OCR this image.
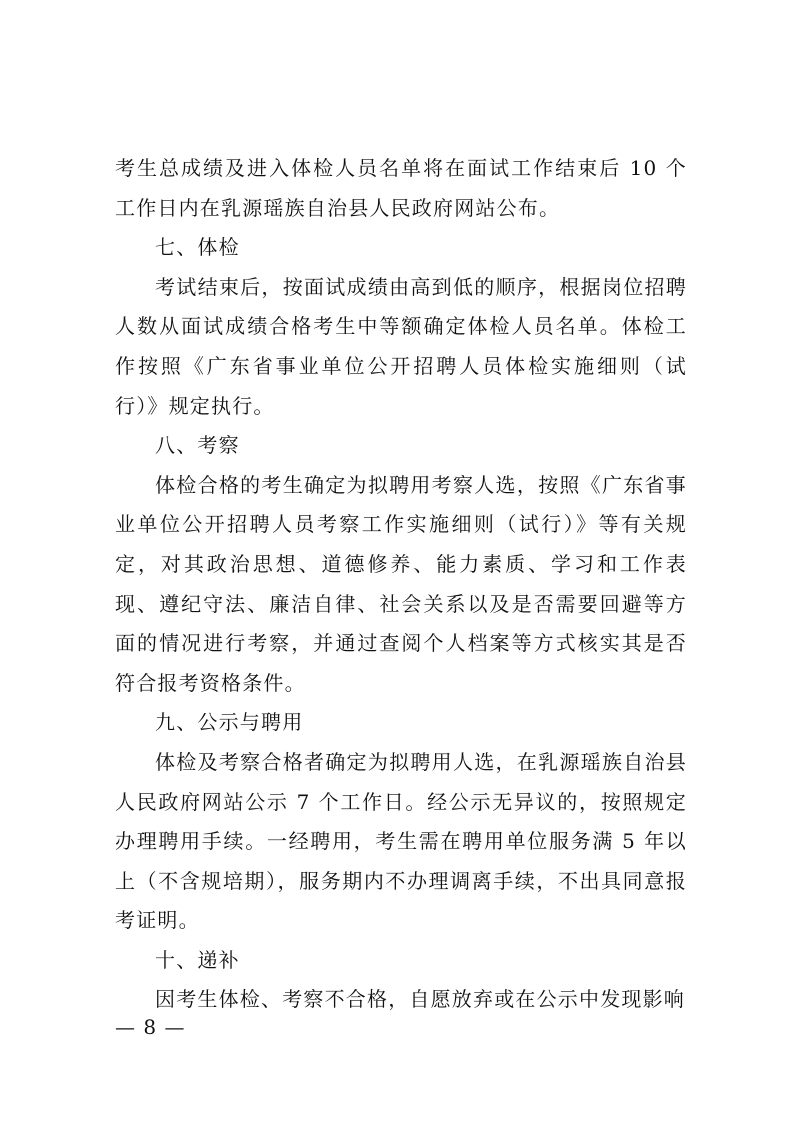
考生总成绩及进入体检人员名单将在面试工作结束后 10 个工作日内在乳源瑶族自治县人民政府网站公布。

七、体检

考试结束后，按面试成绩由高到低的顺序，根据岗位招聘人数从面试成绩合格考生中等额确定体检人员名单。体检工作按照《广东省事业单位公开招聘人员体检实施细则（试行）》规定执行。

八、考察

体检合格的考生确定为拟聘用考察人选，按照《广东省事业单位公开招聘人员考察工作实施细则（试行）》等有关规定，对其政治思想、道德修养、能力素质、学习和工作表现、遵纪守法、廉洁自律、社会关系以及是否需要回避等方面的情况进行考察，并通过查阅个人档案等方式核实其是否符合报考资格条件。

九、公示与聘用

体检及考察合格者确定为拟聘用人选，在乳源瑶族自治县人民政府网站公示 7 个工作日。经公示无异议的，按照规定办理聘用手续。一经聘用，考生需在聘用单位服务满 5 年以上（不含规培期），服务期内不办理调离手续，不出具同意报考证明。

十、递补

因考生体检、考察不合格，自愿放弃或在公示中发现影响

— 8 —
